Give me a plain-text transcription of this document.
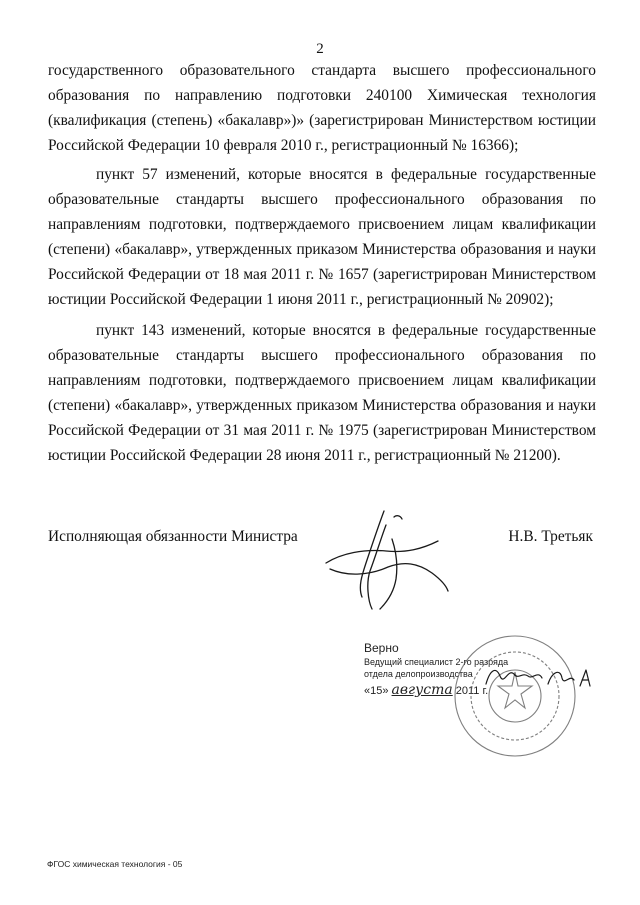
2

государственного образовательного стандарта высшего профессионального образования по направлению подготовки 240100 Химическая технология (квалификация (степень) «бакалавр»)» (зарегистрирован Министерством юстиции Российской Федерации 10 февраля 2010 г., регистрационный № 16366);

пункт 57 изменений, которые вносятся в федеральные государственные образовательные стандарты высшего профессионального образования по направлениям подготовки, подтверждаемого присвоением лицам квалификации (степени) «бакалавр», утвержденных приказом Министерства образования и науки Российской Федерации от 18 мая 2011 г. № 1657 (зарегистрирован Министерством юстиции Российской Федерации 1 июня 2011 г., регистрационный № 20902);

пункт 143 изменений, которые вносятся в федеральные государственные образовательные стандарты высшего профессионального образования по направлениям подготовки, подтверждаемого присвоением лицам квалификации (степени) «бакалавр», утвержденных приказом Министерства образования и науки Российской Федерации от 31 мая 2011 г. № 1975 (зарегистрирован Министерством юстиции Российской Федерации 28 июня 2011 г., регистрационный № 21200).

Исполняющая обязанности Министра	Н.В. Третьяк
Верно
Ведущий специалист 2-го разряда
отдела делопроизводства
«15» августа 2011 г.
ФГОС химическая технология - 05
